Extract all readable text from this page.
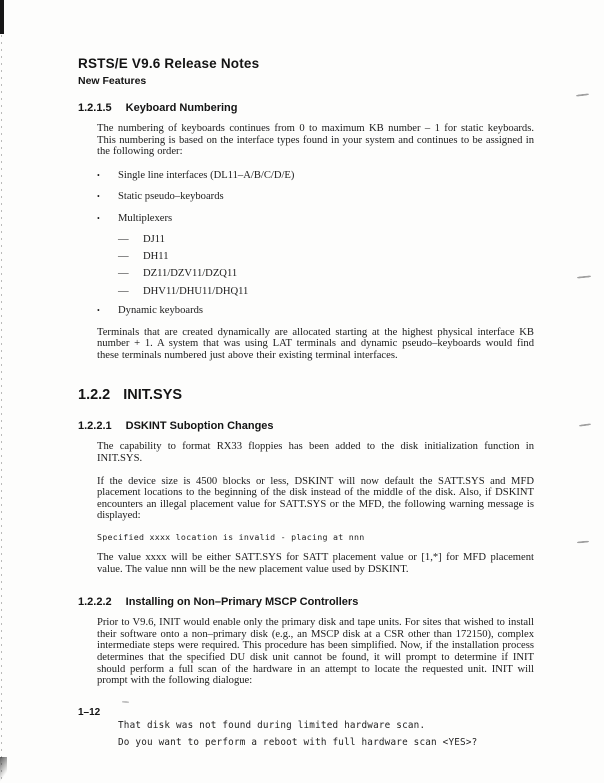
RSTS/E V9.6 Release Notes
New Features
1.2.1.5 Keyboard Numbering

The numbering of keyboards continues from 0 to maximum KB number – 1 for static keyboards. This numbering is based on the interface types found in your system and continues to be assigned in the following order:

•	Single line interfaces (DL11–A/B/C/D/E)
•	Static pseudo–keyboards
•	Multiplexers
—	DJ11
—	DH11
—	DZ11/DZV11/DZQ11
—	DHV11/DHU11/DHQ11
•	Dynamic keyboards

Terminals that are created dynamically are allocated starting at the highest physical interface KB number + 1. A system that was using LAT terminals and dynamic pseudo–keyboards would find these terminals numbered just above their existing terminal interfaces.

1.2.2 INIT.SYS
1.2.2.1 DSKINT Suboption Changes

The capability to format RX33 floppies has been added to the disk initialization function in INIT.SYS.

If the device size is 4500 blocks or less, DSKINT will now default the SATT.SYS and MFD placement locations to the beginning of the disk instead of the middle of the disk. Also, if DSKINT encounters an illegal placement value for SATT.SYS or the MFD, the following warning message is displayed:

Specified xxxx location is invalid - placing at nnn

The value xxxx will be either SATT.SYS for SATT placement value or [1,*] for MFD placement value. The value nnn will be the new placement value used by DSKINT.

1.2.2.2 Installing on Non–Primary MSCP Controllers

Prior to V9.6, INIT would enable only the primary disk and tape units. For sites that wished to install their software onto a non–primary disk (e.g., an MSCP disk at a CSR other than 172150), complex intermediate steps were required. This procedure has been simplified. Now, if the installation process determines that the specified DU disk unit cannot be found, it will prompt to determine if INIT should perform a full scan of the hardware in an attempt to locate the requested unit. INIT will prompt with the following dialogue:

That disk was not found during limited hardware scan.
Do you want to perform a reboot with full hardware scan <YES>?
1–12
